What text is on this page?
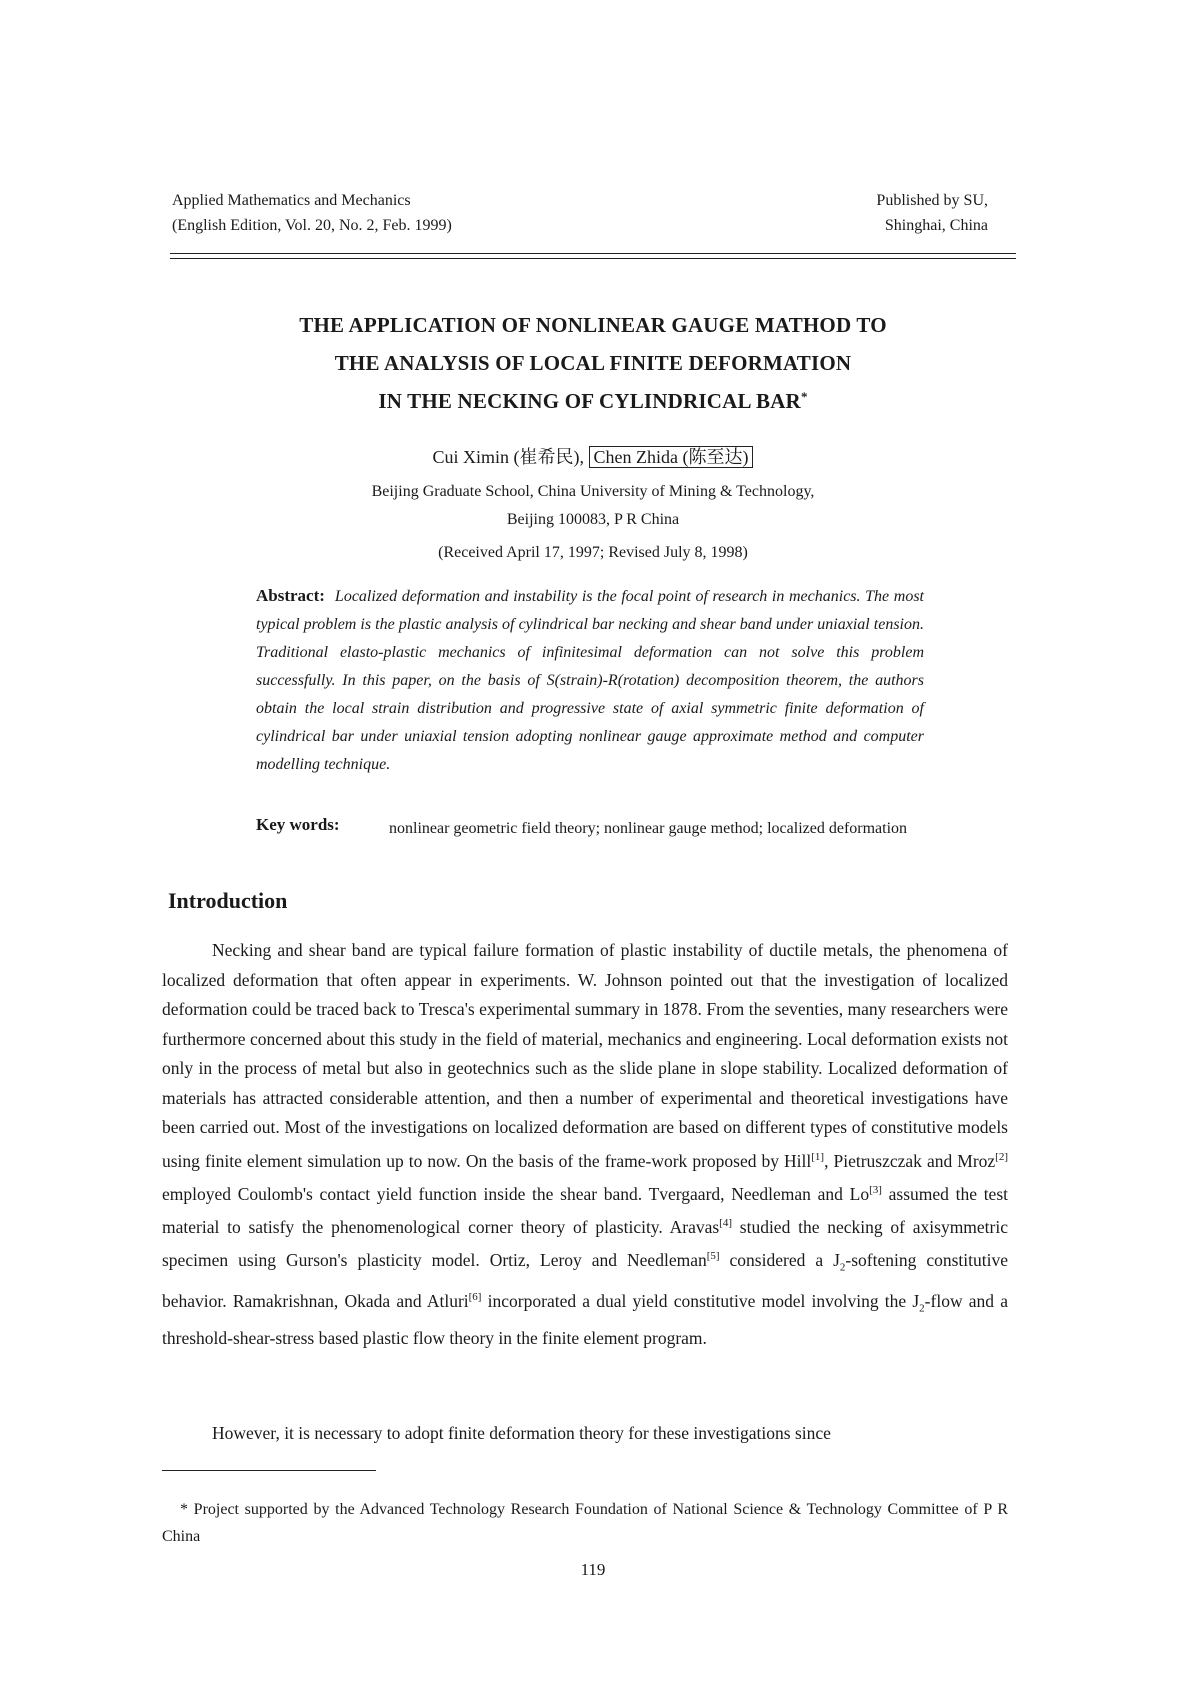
Applied Mathematics and Mechanics
(English Edition, Vol. 20, No. 2, Feb. 1999)
Published by SU,
Shinghai, China
THE APPLICATION OF NONLINEAR GAUGE MATHOD TO
THE ANALYSIS OF LOCAL FINITE DEFORMATION
IN THE NECKING OF CYLINDRICAL BAR*
Cui Ximin (崔希民), Chen Zhida (陈至达)
Beijing Graduate School, China University of Mining & Technology,
Beijing 100083, P R China
(Received April 17, 1997; Revised July 8, 1998)
Abstract: Localized deformation and instability is the focal point of research in mechanics. The most typical problem is the plastic analysis of cylindrical bar necking and shear band under uniaxial tension. Traditional elasto-plastic mechanics of infinitesimal deformation can not solve this problem successfully. In this paper, on the basis of S(strain)-R(rotation) decomposition theorem, the authors obtain the local strain distribution and progressive state of axial symmetric finite deformation of cylindrical bar under uniaxial tension adopting nonlinear gauge approximate method and computer modelling technique.
Key words:	nonlinear geometric field theory; nonlinear gauge method; localized deformation
Introduction
Necking and shear band are typical failure formation of plastic instability of ductile metals, the phenomena of localized deformation that often appear in experiments. W. Johnson pointed out that the investigation of localized deformation could be traced back to Tresca's experimental summary in 1878. From the seventies, many researchers were furthermore concerned about this study in the field of material, mechanics and engineering. Local deformation exists not only in the process of metal but also in geotechnics such as the slide plane in slope stability. Localized deformation of materials has attracted considerable attention, and then a number of experimental and theoretical investigations have been carried out. Most of the investigations on localized deformation are based on different types of constitutive models using finite element simulation up to now. On the basis of the frame-work proposed by Hill[1], Pietruszczak and Mroz[2] employed Coulomb's contact yield function inside the shear band. Tvergaard, Needleman and Lo[3] assumed the test material to satisfy the phenomenological corner theory of plasticity. Aravas[4] studied the necking of axisymmetric specimen using Gurson's plasticity model. Ortiz, Leroy and Needleman[5] considered a $J_2$-softening constitutive behavior. Ramakrishnan, Okada and Atluri[6] incorporated a dual yield constitutive model involving the $J_2$-flow and a threshold-shear-stress based plastic flow theory in the finite element program.
However, it is necessary to adopt finite deformation theory for these investigations since
* Project supported by the Advanced Technology Research Foundation of National Science & Technology Committee of P R China
119
